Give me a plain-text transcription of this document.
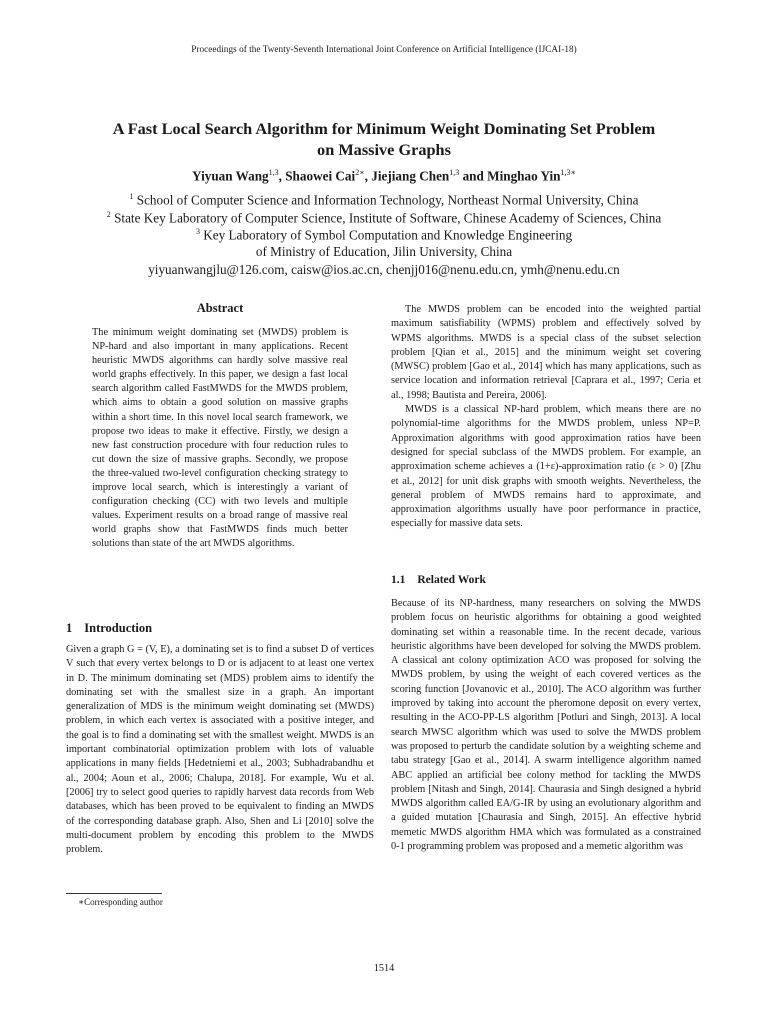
Proceedings of the Twenty-Seventh International Joint Conference on Artificial Intelligence (IJCAI-18)
A Fast Local Search Algorithm for Minimum Weight Dominating Set Problem
on Massive Graphs
Yiyuan Wang$^{1,3}$, Shaowei Cai$^{2∗}$, Jiejiang Chen$^{1,3}$ and Minghao Yin$^{1,3∗}$
$^1$ School of Computer Science and Information Technology, Northeast Normal University, China
$^2$ State Key Laboratory of Computer Science, Institute of Software, Chinese Academy of Sciences, China
$^3$ Key Laboratory of Symbol Computation and Knowledge Engineering
of Ministry of Education, Jilin University, China
yiyuanwangjlu@126.com, caisw@ios.ac.cn, chenjj016@nenu.edu.cn, ymh@nenu.edu.cn
Abstract

The minimum weight dominating set (MWDS) problem is NP-hard and also important in many applications. Recent heuristic MWDS algorithms can hardly solve massive real world graphs effectively. In this paper, we design a fast local search algorithm called FastMWDS for the MWDS problem, which aims to obtain a good solution on massive graphs within a short time. In this novel local search framework, we propose two ideas to make it effective. Firstly, we design a new fast construction procedure with four reduction rules to cut down the size of massive graphs. Secondly, we propose the three-valued two-level configuration checking strategy to improve local search, which is interestingly a variant of configuration checking (CC) with two levels and multiple values. Experiment results on a broad range of massive real world graphs show that FastMWDS finds much better solutions than state of the art MWDS algorithms.

1 Introduction

Given a graph G = (V, E), a dominating set is to find a subset D of vertices V such that every vertex belongs to D or is adjacent to at least one vertex in D. The minimum dominating set (MDS) problem aims to identify the dominating set with the smallest size in a graph. An important generalization of MDS is the minimum weight dominating set (MWDS) problem, in which each vertex is associated with a positive integer, and the goal is to find a dominating set with the smallest weight. MWDS is an important combinatorial optimization problem with lots of valuable applications in many fields [Hedetniemi et al., 2003; Subhadrabandhu et al., 2004; Aoun et al., 2006; Chalupa, 2018]. For example, Wu et al. [2006] try to select good queries to rapidly harvest data records from Web databases, which has been proved to be equivalent to finding an MWDS of the corresponding database graph. Also, Shen and Li [2010] solve the multi-document problem by encoding this problem to the MWDS problem.

∗Corresponding author

The MWDS problem can be encoded into the weighted partial maximum satisfiability (WPMS) problem and effectively solved by WPMS algorithms. MWDS is a special class of the subset selection problem [Qian et al., 2015] and the minimum weight set covering (MWSC) problem [Gao et al., 2014] which has many applications, such as service location and information retrieval [Caprara et al., 1997; Ceria et al., 1998; Bautista and Pereira, 2006].

MWDS is a classical NP-hard problem, which means there are no polynomial-time algorithms for the MWDS problem, unless NP=P. Approximation algorithms with good approximation ratios have been designed for special subclass of the MWDS problem. For example, an approximation scheme achieves a (1+ε)-approximation ratio (ε > 0) [Zhu et al., 2012] for unit disk graphs with smooth weights. Nevertheless, the general problem of MWDS remains hard to approximate, and approximation algorithms usually have poor performance in practice, especially for massive data sets.

1.1 Related Work

Because of its NP-hardness, many researchers on solving the MWDS problem focus on heuristic algorithms for obtaining a good weighted dominating set within a reasonable time. In the recent decade, various heuristic algorithms have been developed for solving the MWDS problem. A classical ant colony optimization ACO was proposed for solving the MWDS problem, by using the weight of each covered vertices as the scoring function [Jovanovic et al., 2010]. The ACO algorithm was further improved by taking into account the pheromone deposit on every vertex, resulting in the ACO-PP-LS algorithm [Potluri and Singh, 2013]. A local search MWSC algorithm which was used to solve the MWDS problem was proposed to perturb the candidate solution by a weighting scheme and tabu strategy [Gao et al., 2014]. A swarm intelligence algorithm named ABC applied an artificial bee colony method for tackling the MWDS problem [Nitash and Singh, 2014]. Chaurasia and Singh designed a hybrid MWDS algorithm called EA/G-IR by using an evolutionary algorithm and a guided mutation [Chaurasia and Singh, 2015]. An effective hybrid memetic MWDS algorithm HMA which was formulated as a constrained 0-1 programming problem was proposed and a memetic algorithm was

1514
